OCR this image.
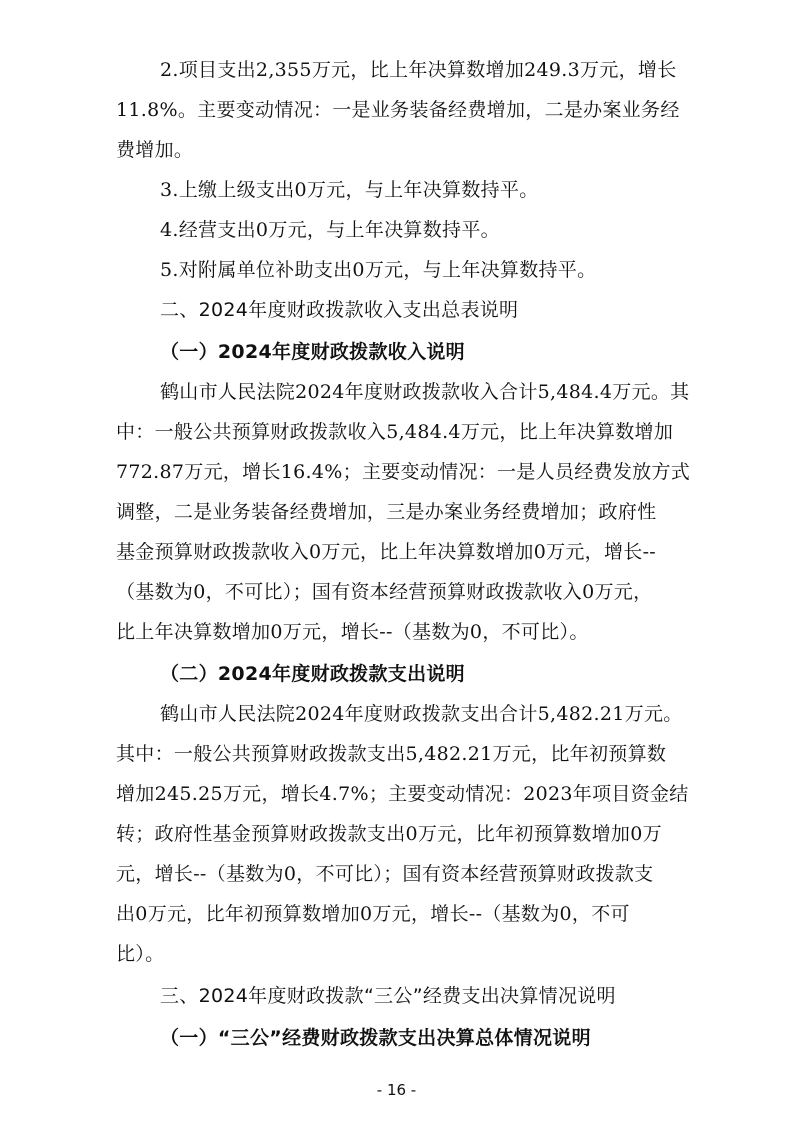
2.项目支出2,355万元，比上年决算数增加249.3万元，增长
11.8%。主要变动情况：一是业务装备经费增加，二是办案业务经
费增加。
3.上缴上级支出0万元，与上年决算数持平。
4.经营支出0万元，与上年决算数持平。
5.对附属单位补助支出0万元，与上年决算数持平。
二、2024年度财政拨款收入支出总表说明
（一）2024年度财政拨款收入说明
鹤山市人民法院2024年度财政拨款收入合计5,484.4万元。其
中：一般公共预算财政拨款收入5,484.4万元，比上年决算数增加
772.87万元，增长16.4%；主要变动情况：一是人员经费发放方式
调整，二是业务装备经费增加，三是办案业务经费增加；政府性
基金预算财政拨款收入0万元，比上年决算数增加0万元，增长--
（基数为0，不可比）；国有资本经营预算财政拨款收入0万元，
比上年决算数增加0万元，增长--（基数为0，不可比）。
（二）2024年度财政拨款支出说明
鹤山市人民法院2024年度财政拨款支出合计5,482.21万元。
其中：一般公共预算财政拨款支出5,482.21万元，比年初预算数
增加245.25万元，增长4.7%；主要变动情况：2023年项目资金结
转；政府性基金预算财政拨款支出0万元，比年初预算数增加0万
元，增长--（基数为0，不可比）；国有资本经营预算财政拨款支
出0万元，比年初预算数增加0万元，增长--（基数为0，不可
比）。
三、2024年度财政拨款“三公”经费支出决算情况说明
（一）“三公”经费财政拨款支出决算总体情况说明
- 16 -
